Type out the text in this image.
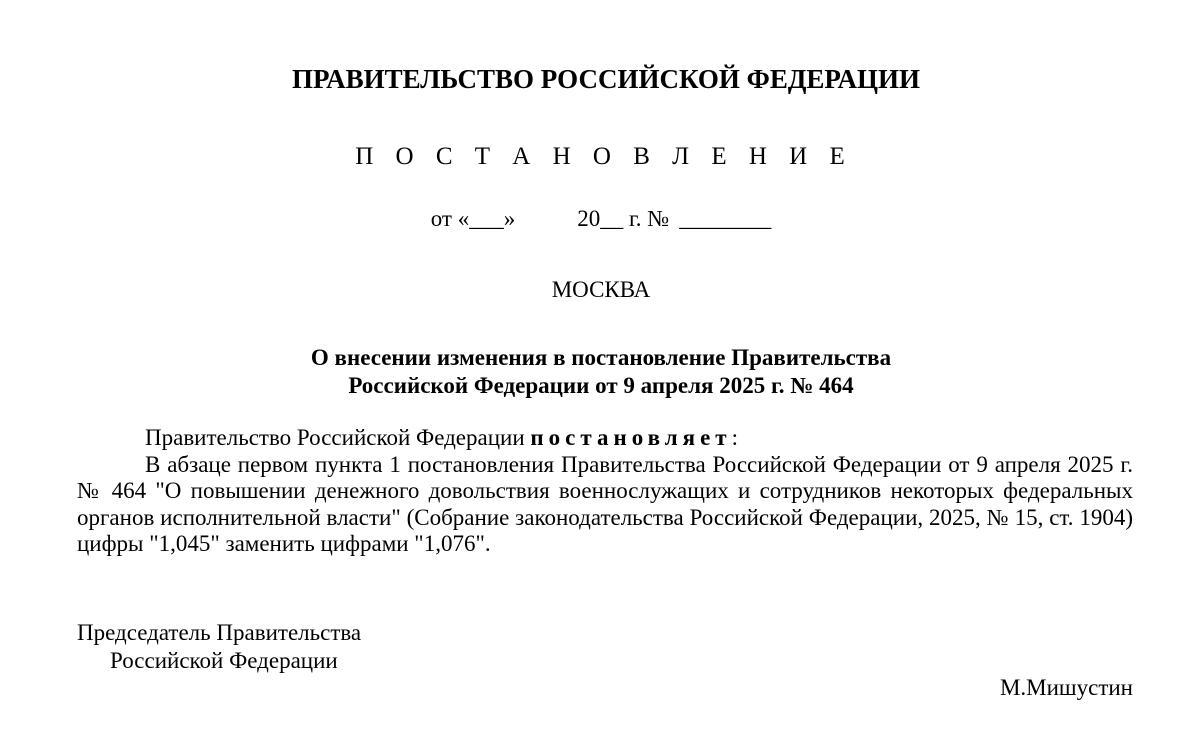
ПРАВИТЕЛЬСТВО РОССИЙСКОЙ ФЕДЕРАЦИИ
П О С Т А Н О В Л Е Н И Е
от «___»	20__ г. № ________
МОСКВА
О внесении изменения в постановление Правительства
Российской Федерации от 9 апреля 2025 г. № 464

Правительство Российской Федерации постановляет:

В абзаце первом пункта 1 постановления Правительства Российской Федерации от 9 апреля 2025 г. № 464 "О повышении денежного довольствия военнослужащих и сотрудников некоторых федеральных органов исполнительной власти" (Собрание законодательства Российской Федерации, 2025, № 15, ст. 1904) цифры "1,045" заменить цифрами "1,076".

Председатель Правительства
Российской Федерации
М.Мишустин
